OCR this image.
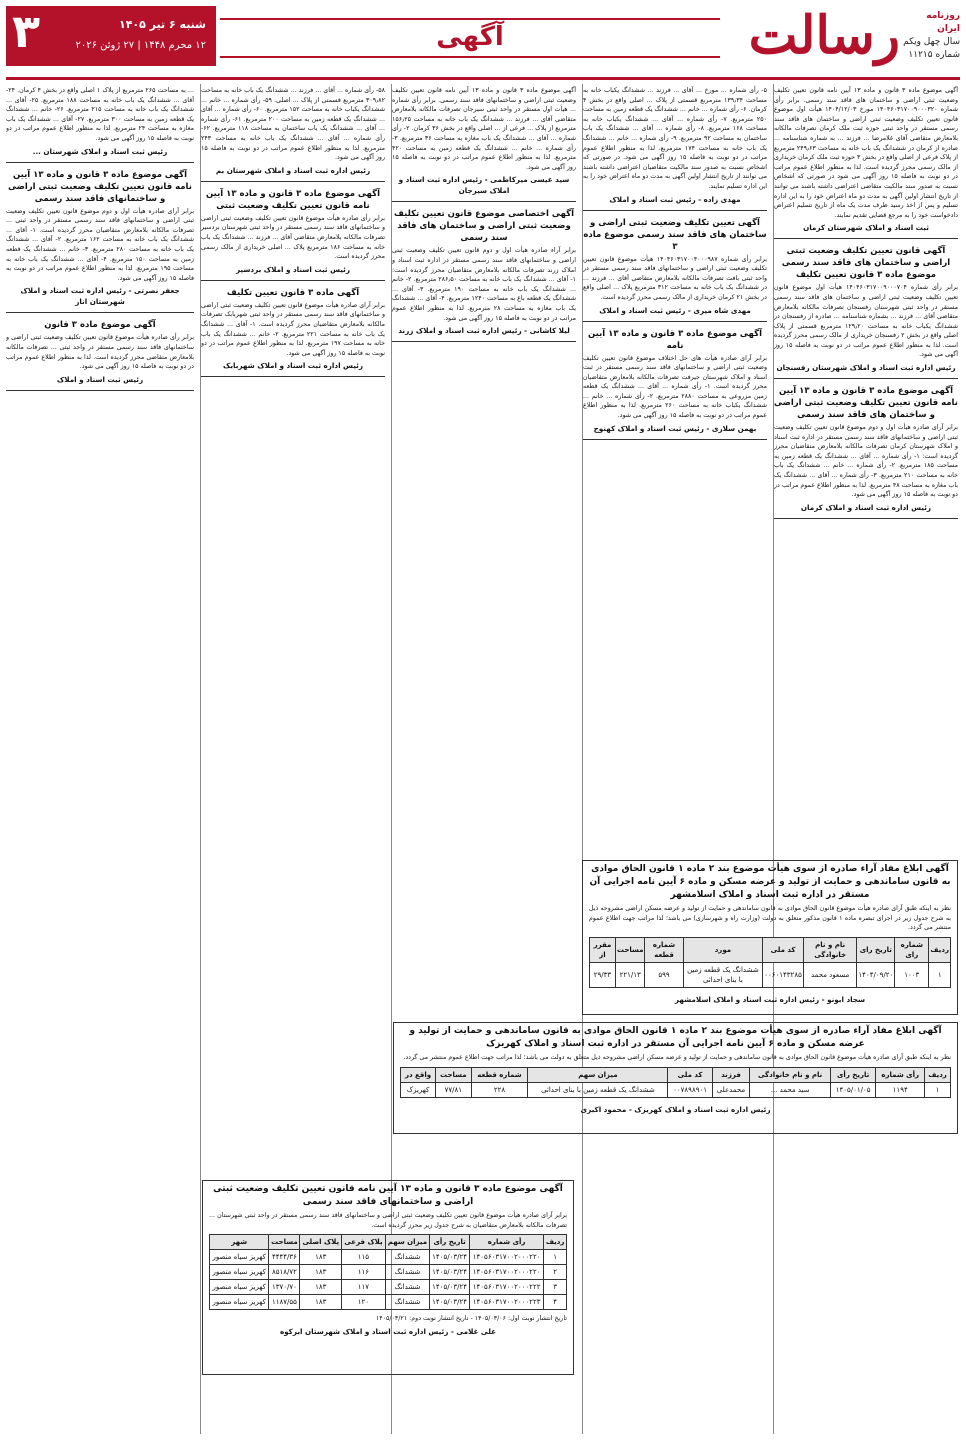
روزنامه
ایران
سال چهل ویکم
شماره ۱۱۲۱۵
رسالت
آگهی
۳	شنبه ۶ تیر ۱۴۰۵
۱۲ محرم ۱۴۴۸ | ۲۷ ژوئن ۲۰۲۶
آگهی موضوع ماده ۳ قانون و ماده ۱۳ آیین نامه قانون تعیین تکلیف وضعیت ثبتی اراضی و ساختمان های فاقد سند رسمی. برابر رأی شماره ۱۴۰۴۶۰۳۱۷۰۰۹۰۰۰۳۲۰ مورخ ۱۴۰۴/۱۲/۰۳ هیأت اول موضوع قانون تعیین تکلیف وضعیت ثبتی اراضی و ساختمان های فاقد سند رسمی مستقر در واحد ثبتی حوزه ثبت ملک کرمان تصرفات مالکانه بلامعارض متقاضی آقای غلامرضا ... فرزند ... به شماره شناسنامه ... صادره از کرمان در ششدانگ یک باب خانه به مساحت ۲۴۹٫۶۳ مترمربع از پلاک فرعی از اصلی واقع در بخش ۳ حوزه ثبت ملک کرمان خریداری از مالک رسمی محرز گردیده است. لذا به منظور اطلاع عموم مراتب در دو نوبت به فاصله ۱۵ روز آگهی می شود در صورتی که اشخاص نسبت به صدور سند مالکیت متقاضی اعتراضی داشته باشند می توانند از تاریخ انتشار اولین آگهی به مدت دو ماه اعتراض خود را به این اداره تسلیم و پس از اخذ رسید ظرف مدت یک ماه از تاریخ تسلیم اعتراض دادخواست خود را به مرجع قضایی تقدیم نمایند.
ثبت اسناد و املاک شهرستان کرمان
آگهی قانون تعیین تکلیف وضعیت ثبتی اراضی و ساختمان های فاقد سند رسمی موضوع ماده ۳ قانون تعیین تکلیف
برابر رأی شماره ۱۴۰۴۶۰۳۱۷۰۰۹۰۰۰۷۰۴ هیأت اول موضوع قانون تعیین تکلیف وضعیت ثبتی اراضی و ساختمان های فاقد سند رسمی مستقر در واحد ثبتی شهرستان رفسنجان تصرفات مالکانه بلامعارض متقاضی آقای ... فرزند ... بشماره شناسنامه ... صادره از رفسنجان در ششدانگ یکباب خانه به مساحت ۱۲۹٫۲۰ مترمربع قسمتی از پلاک اصلی واقع در بخش ۲ رفسنجان خریداری از مالک رسمی محرز گردیده است. لذا به منظور اطلاع عموم مراتب در دو نوبت به فاصله ۱۵ روز آگهی می شود.
رئیس اداره ثبت اسناد و املاک شهرستان رفسنجان
آگهی موضوع ماده ۳ قانون و ماده ۱۳ آیین نامه قانون تعیین تکلیف وضعیت ثبتی اراضی و ساختمان های فاقد سند رسمی
برابر آرای صادره هیأت اول و دوم موضوع قانون تعیین تکلیف وضعیت ثبتی اراضی و ساختمانهای فاقد سند رسمی مستقر در اداره ثبت اسناد و املاک شهرستان کرمان تصرفات مالکانه بلامعارض متقاضیان محرز گردیده است: ۱- رأی شماره ... آقای ... ششدانگ یک قطعه زمین به مساحت ۱۸۵ مترمربع. ۲- رأی شماره ... خانم ... ششدانگ یک باب خانه به مساحت ۲۱۰ مترمربع. ۳- رأی شماره ... آقای ... ششدانگ یک باب مغازه به مساحت ۴۸ مترمربع. لذا به منظور اطلاع عموم مراتب در دو نوبت به فاصله ۱۵ روز آگهی می شود.
رئیس اداره ثبت اسناد و املاک کرمان
۵- رأی شماره ... مورخ ... آقای ... فرزند ... ششدانگ یکباب خانه به مساحت ۱۳۹٫۳۴ مترمربع قسمتی از پلاک ... اصلی واقع در بخش ۴ کرمان. ۶- رأی شماره ... خانم ... ششدانگ یک قطعه زمین به مساحت ۲۵۰ مترمربع. ۷- رأی شماره ... آقای ... ششدانگ یکباب خانه به مساحت ۱۶۸ مترمربع. ۸- رأی شماره ... آقای ... ششدانگ یک باب ساختمان به مساحت ۹۲ مترمربع. ۹- رأی شماره ... خانم ... ششدانگ یک باب خانه به مساحت ۱۷۴ مترمربع. لذا به منظور اطلاع عموم مراتب در دو نوبت به فاصله ۱۵ روز آگهی می شود. در صورتی که اشخاص نسبت به صدور سند مالکیت متقاضیان اعتراضی داشته باشند می توانند از تاریخ انتشار اولین آگهی به مدت دو ماه اعتراض خود را به این اداره تسلیم نمایند.
مهدی زاده - رئیس ثبت اسناد و املاک
آگهی تعیین تکلیف وضعیت ثبتی اراضی و ساختمان های فاقد سند رسمی موضوع ماده ۳
برابر رأی شماره ۱۴۰۴۶۰۳۱۷۰۰۴۰۰۰۹۸۷ هیأت موضوع قانون تعیین تکلیف وضعیت ثبتی اراضی و ساختمانهای فاقد سند رسمی مستقر در واحد ثبتی بافت تصرفات مالکانه بلامعارض متقاضی آقای ... فرزند ... در ششدانگ یک باب خانه به مساحت ۳۱۲ مترمربع پلاک ... اصلی واقع در بخش ۲۱ کرمان خریداری از مالک رسمی محرز گردیده است.
مهدی شاه میری - رئیس ثبت اسناد و املاک
آگهی موضوع ماده ۳ قانون و ماده ۱۳ آیین نامه
برابر آرای صادره هیأت های حل اختلاف موضوع قانون تعیین تکلیف وضعیت ثبتی اراضی و ساختمانهای فاقد سند رسمی مستقر در ثبت اسناد و املاک شهرستان جیرفت تصرفات مالکانه بلامعارض متقاضیان محرز گردیده است. ۱- رأی شماره ... آقای ... ششدانگ یک قطعه زمین مزروعی به مساحت ۲۸۸۰ مترمربع. ۲- رأی شماره ... خانم ... ششدانگ یکباب خانه به مساحت ۲۶۰ مترمربع. لذا به منظور اطلاع عموم مراتب در دو نوبت به فاصله ۱۵ روز آگهی می شود.
بهمن سلاری - رئیس ثبت اسناد و املاک کهنوج
آگهی موضوع ماده ۳ قانون و ماده ۱۳ آیین نامه قانون تعیین تکلیف وضعیت ثبتی اراضی و ساختمانهای فاقد سند رسمی. برابر رأی شماره ... هیأت اول مستقر در واحد ثبتی سیرجان تصرفات مالکانه بلامعارض متقاضی آقای ... فرزند ... ششدانگ یک باب خانه به مساحت ۱۵۶٫۲۵ مترمربع از پلاک ... فرعی از ... اصلی واقع در بخش ۳۶ کرمان. ۲- رأی شماره ... آقای ... ششدانگ یک باب مغازه به مساحت ۳۶ مترمربع. ۳- رأی شماره ... خانم ... ششدانگ یک قطعه زمین به مساحت ۴۲۰ مترمربع. لذا به منظور اطلاع عموم مراتب در دو نوبت به فاصله ۱۵ روز آگهی می شود.
سید عیسی میرکاظمی - رئیس اداره ثبت اسناد و املاک سیرجان
آگهی اختصاصی موضوع قانون تعیین تکلیف وضعیت ثبتی اراضی و ساختمان های فاقد سند رسمی
برابر آراء صادره هیأت اول و دوم قانون تعیین تکلیف وضعیت ثبتی اراضی و ساختمانهای فاقد سند رسمی مستقر در اداره ثبت اسناد و املاک زرند تصرفات مالکانه بلامعارض متقاضیان محرز گردیده است: ۱- آقای ... ششدانگ یک باب خانه به مساحت ۲۸۶٫۵۰ مترمربع. ۲- خانم ... ششدانگ یک باب خانه به مساحت ۱۹۰ مترمربع. ۳- آقای ... ششدانگ یک قطعه باغ به مساحت ۱۲۴۰ مترمربع. ۴- آقای ... ششدانگ یک باب مغازه به مساحت ۲۸ مترمربع. لذا به منظور اطلاع عموم مراتب در دو نوبت به فاصله ۱۵ روز آگهی می شود.
لیلا کاشانی - رئیس اداره ثبت اسناد و املاک زرند
۵۸- رأی شماره ... آقای ... فرزند ... ششدانگ یک باب خانه به مساحت ۳۰۹٫۸۲ مترمربع قسمتی از پلاک ... اصلی. ۵۹- رأی شماره ... خانم ... ششدانگ یکباب خانه به مساحت ۱۵۲ مترمربع. ۶۰- رأی شماره ... آقای ... ششدانگ یک قطعه زمین به مساحت ۲۰۰ مترمربع. ۶۱- رأی شماره ... آقای ... ششدانگ یک باب ساختمان به مساحت ۱۱۸ مترمربع. ۶۲- رأی شماره ... آقای ... ششدانگ یک باب خانه به مساحت ۲۴۳ مترمربع. لذا به منظور اطلاع عموم مراتب در دو نوبت به فاصله ۱۵ روز آگهی می شود.
رئیس اداره ثبت اسناد و املاک شهرستان بم
آگهی موضوع ماده ۳ قانون و ماده ۱۳ آیین نامه قانون تعیین تکلیف وضعیت ثبتی
برابر رأی صادره هیأت موضوع قانون تعیین تکلیف وضعیت ثبتی اراضی و ساختمانهای فاقد سند رسمی مستقر در واحد ثبتی شهرستان بردسیر تصرفات مالکانه بلامعارض متقاضی آقای ... فرزند ... ششدانگ یک باب خانه به مساحت ۱۸۶ مترمربع پلاک ... اصلی خریداری از مالک رسمی محرز گردیده است.
رئیس ثبت اسناد و املاک بردسیر
آگهی ماده ۳ قانون تعیین تکلیف
برابر آرای صادره هیأت موضوع قانون تعیین تکلیف وضعیت ثبتی اراضی و ساختمانهای فاقد سند رسمی مستقر در واحد ثبتی شهربابک تصرفات مالکانه بلامعارض متقاضیان محرز گردیده است. ۱- آقای ... ششدانگ یک باب خانه به مساحت ۲۲۱ مترمربع. ۲- خانم ... ششدانگ یک باب خانه به مساحت ۱۹۷ مترمربع. لذا به منظور اطلاع عموم مراتب در دو نوبت به فاصله ۱۵ روز آگهی می شود.
رئیس اداره ثبت اسناد و املاک شهربابک
... به مساحت ۲۶۵ مترمربع از پلاک ۱ اصلی واقع در بخش ۴ کرمان. ۲۴- آقای ... ششدانگ یک باب خانه به مساحت ۱۸۸ مترمربع. ۲۵- آقای ... ششدانگ یک باب خانه به مساحت ۲۱۵ مترمربع. ۲۶- خانم ... ششدانگ یک قطعه زمین به مساحت ۳۰۰ مترمربع. ۲۷- آقای ... ششدانگ یک باب مغازه به مساحت ۲۴ مترمربع. لذا به منظور اطلاع عموم مراتب در دو نوبت به فاصله ۱۵ روز آگهی می شود.
رئیس ثبت اسناد و املاک شهرستان ...
آگهی موضوع ماده ۳ قانون و ماده ۱۳ آیین نامه قانون تعیین تکلیف وضعیت ثبتی اراضی و ساختمانهای فاقد سند رسمی
برابر آرای صادره هیأت اول و دوم موضوع قانون تعیین تکلیف وضعیت ثبتی اراضی و ساختمانهای فاقد سند رسمی مستقر در واحد ثبتی ... تصرفات مالکانه بلامعارض متقاضیان محرز گردیده است. ۱- آقای ... ششدانگ یک باب خانه به مساحت ۱۶۲ مترمربع. ۲- آقای ... ششدانگ یک باب خانه به مساحت ۲۸۰ مترمربع. ۳- خانم ... ششدانگ یک قطعه زمین به مساحت ۱۵۰ مترمربع. ۴- آقای ... ششدانگ یک باب خانه به مساحت ۱۹۵ مترمربع. لذا به منظور اطلاع عموم مراتب در دو نوبت به فاصله ۱۵ روز آگهی می شود.
جعفر نصرتی - رئیس اداره ثبت اسناد و املاک شهرستان انار
آگهی موضوع ماده ۳ قانون
برابر رأی صادره هیأت موضوع قانون تعیین تکلیف وضعیت ثبتی اراضی و ساختمانهای فاقد سند رسمی مستقر در واحد ثبتی ... تصرفات مالکانه بلامعارض متقاضی محرز گردیده است. لذا به منظور اطلاع عموم مراتب در دو نوبت به فاصله ۱۵ روز آگهی می شود.
رئیس ثبت اسناد و املاک
آگهی ابلاغ مفاد آراء صادره از سوی هیأت موضوع بند ۲ ماده ۱ قانون الحاق موادی به قانون ساماندهی و حمایت از تولید و عرضه مسکن و ماده ۶ آیین نامه اجرایی آن مستقر در اداره ثبت اسناد و املاک اسلامشهر
نظر به اینکه طبق آرای صادره هیأت موضوع قانون الحاق موادی به قانون ساماندهی و حمایت از تولید و عرضه مسکن اراضی مشروحه ذیل به شرح جدول زیر در اجرای تبصره ماده ۱ قانون مذکور متعلق به دولت (وزارت راه و شهرسازی) می باشد؛ لذا مراتب جهت اطلاع عموم منتشر می گردد.
ردیف	شماره رای	تاریخ رای	نام و نام خانوادگی	کد ملی	مورد	شماره قطعه	مساحت	مقرر از
۱	۱۰۰۳	۱۴۰۴/۰۹/۲۰	مسعود محمد	۰۰۶۰۱۴۳۲۸۵	ششدانگ یک قطعه زمین با بنای احداثی	۵۹۹	۲۲۱/۱۳	۲۹/۳۳
سجاد ابونو - رئیس اداره ثبت اسناد و املاک اسلامشهر
آگهی ابلاغ مفاد آراء صادره از سوی هیأت موضوع بند ۲ ماده ۱ قانون الحاق موادی به قانون ساماندهی و حمایت از تولید و عرضه مسکن و ماده ۶ آیین نامه اجرایی آن مستقر در اداره ثبت اسناد و املاک کهریزک
نظر به اینکه طبق آرای صادره هیأت موضوع قانون الحاق موادی به قانون ساماندهی و حمایت از تولید و عرضه مسکن اراضی مشروحه ذیل متعلق به دولت می باشد؛ لذا مراتب جهت اطلاع عموم منتشر می گردد.
ردیف	رأی شماره	تاریخ رأی	نام و نام خانوادگی	فرزند	کد ملی	میزان سهم	شماره قطعه	مساحت	واقع در
۱	۱۱۹۴	۱۴۰۵/۰۱/۰۵	سید محمد ...	محمدعلی	۰۰۷۸۹۸۹۰۱	ششدانگ یک قطعه زمین با بنای احداثی	۲۲۸	۷۷/۸۱	کهریزک
رئیس اداره ثبت اسناد و املاک کهریزک - محمود اکبری
آگهی موضوع ماده ۳ قانون و ماده ۱۳ آیین نامه قانون تعیین تکلیف وضعیت ثبتی اراضی و ساختمانهای فاقد سند رسمی
برابر آرای صادره هیأت موضوع قانون تعیین تکلیف وضعیت ثبتی اراضی و ساختمانهای فاقد سند رسمی مستقر در واحد ثبتی شهرستان ... تصرفات مالکانه بلامعارض متقاضیان به شرح جدول زیر محرز گردیده است.
ردیف	رأی شماره	تاریخ رأی	میزان سهم	پلاک فرعی	پلاک اصلی	مساحت	شهر
۱	۱۴۰۵۶۰۳۱۷۰۰۲۰۰۰۲۲۰	۱۴۰۵/۰۳/۲۴	ششدانگ	۱۱۵	۱۸۳	۴۴۴۴/۳۶	کهریز سیاه منصور
۲	۱۴۰۵۶۰۳۱۷۰۰۲۰۰۰۲۲۰	۱۴۰۵/۰۳/۲۴	ششدانگ	۱۱۶	۱۸۳	۸۵۱۸/۷۲	کهریز سیاه منصور
۳	۱۴۰۵۶۰۳۱۷۰۰۲۰۰۰۲۲۲	۱۴۰۵/۰۳/۲۴	ششدانگ	۱۱۷	۱۸۳	۱۳۷۰/۷۰	کهریز سیاه منصور
۴	۱۴۰۵۶۰۳۱۷۰۰۲۰۰۰۲۲۳	۱۴۰۵/۰۳/۲۴	ششدانگ	۱۲۰	۱۸۳	۱۱۸۷/۵۵	کهریز سیاه منصور
تاریخ انتشار نوبت اول: ۱۴۰۵/۰۳/۰۶ - تاریخ انتشار نوبت دوم: ۱۴۰۵/۰۳/۲۱
علی غلامی - رئیس اداره ثبت اسناد و املاک شهرستان ابرکوه
